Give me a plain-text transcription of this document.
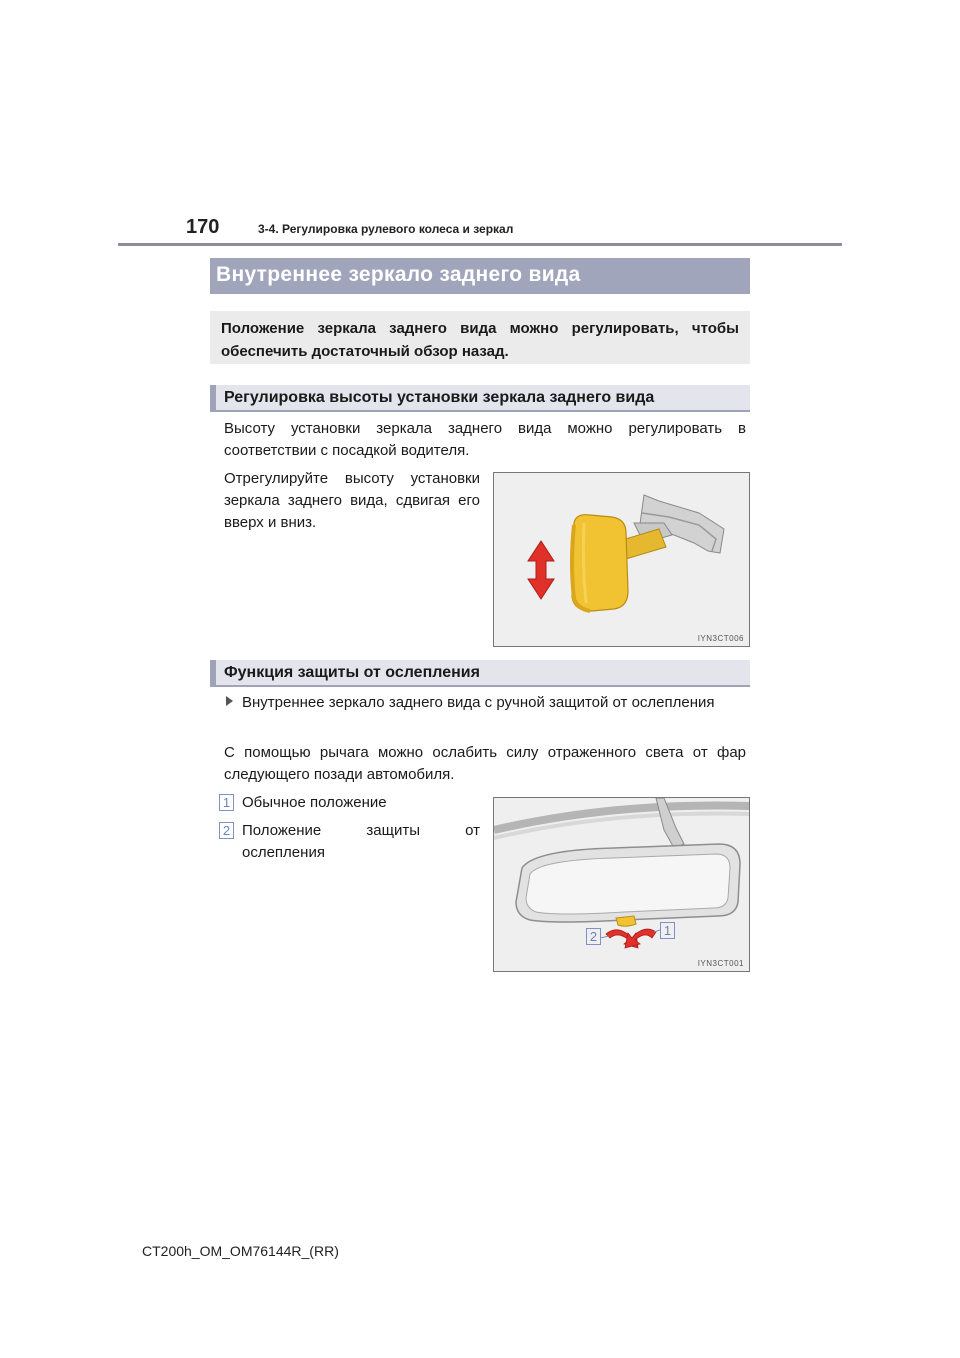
170	3-4. Регулировка рулевого колеса и зеркал
Внутреннее зеркало заднего вида
Положение зеркала заднего вида можно регулировать, чтобы обеспечить достаточный обзор назад.
Регулировка высоты установки зеркала заднего вида
Высоту установки зеркала заднего вида можно регулировать в соответствии с посадкой водителя.
Отрегулируйте высоту установки зеркала заднего вида, сдвигая его вверх и вниз.
IYN3CT006
Функция защиты от ослепления
Внутреннее зеркало заднего вида с ручной защитой от ослепления
С помощью рычага можно ослабить силу отраженного света от фар следующего позади автомобиля.
1 Обычное положение
2 Положение защиты от ослепления
2	1
IYN3CT001
CT200h_OM_OM76144R_(RR)
